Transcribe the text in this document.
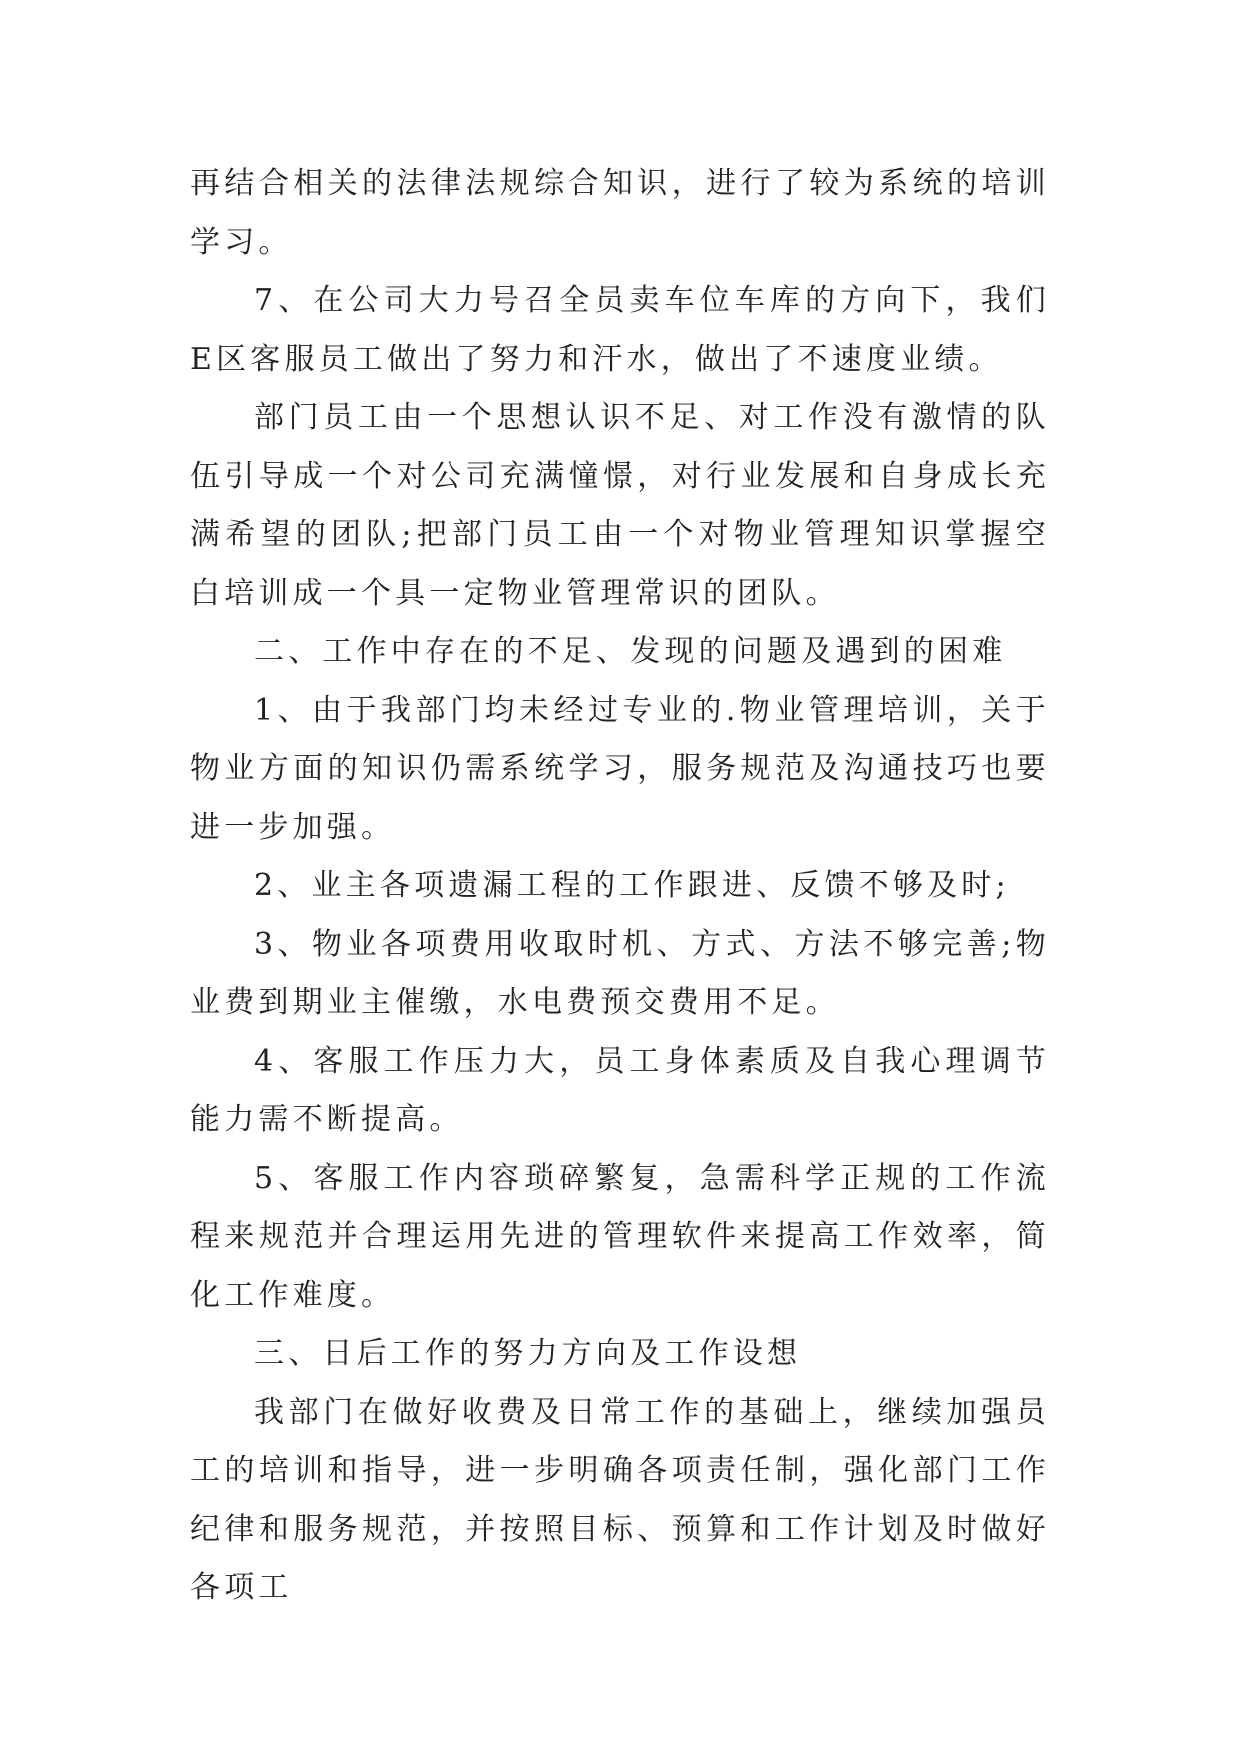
再结合相关的法律法规综合知识，进行了较为系统的培训学习。

7、在公司大力号召全员卖车位车库的方向下，我们E区客服员工做出了努力和汗水，做出了不速度业绩。

部门员工由一个思想认识不足、对工作没有激情的队伍引导成一个对公司充满憧憬，对行业发展和自身成长充满希望的团队;把部门员工由一个对物业管理知识掌握空白培训成一个具一定物业管理常识的团队。

二、工作中存在的不足、发现的问题及遇到的困难

1、由于我部门均未经过专业的.物业管理培训，关于物业方面的知识仍需系统学习，服务规范及沟通技巧也要进一步加强。

2、业主各项遗漏工程的工作跟进、反馈不够及时;

3、物业各项费用收取时机、方式、方法不够完善;物业费到期业主催缴，水电费预交费用不足。

4、客服工作压力大，员工身体素质及自我心理调节能力需不断提高。

5、客服工作内容琐碎繁复，急需科学正规的工作流程来规范并合理运用先进的管理软件来提高工作效率，简化工作难度。

三、日后工作的努力方向及工作设想

我部门在做好收费及日常工作的基础上，继续加强员工的培训和指导，进一步明确各项责任制，强化部门工作纪律和服务规范，并按照目标、预算和工作计划及时做好各项工
